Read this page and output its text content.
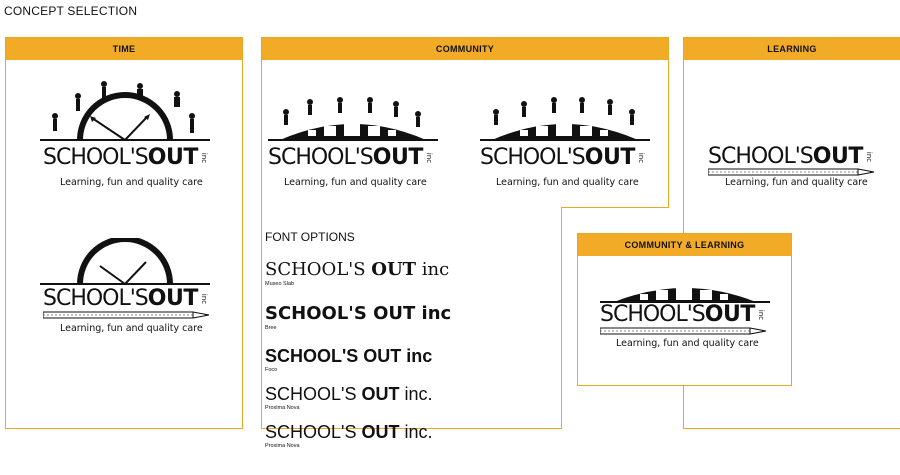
CONCEPT SELECTION
TIME	COMMUNITY	LEARNING
COMMUNITY & LEARNING
SCHOOL'SOUT inc
Learning, fun and quality care
SCHOOL'SOUT inc
Learning, fun and quality care
SCHOOL'SOUT inc
Learning, fun and quality care
SCHOOL'SOUT inc
Learning, fun and quality care
SCHOOL'SOUT inc
Learning, fun and quality care
SCHOOL'SOUT inc
Learning, fun and quality care
FONT OPTIONS
SCHOOL'S OUT inc
Museo Slab
SCHOOL'S OUT inc
Bree
SCHOOL'S OUT inc
Foco
SCHOOL'S OUT inc.
Proxima Nova
SCHOOL'S OUT inc.
Proxima Nova
